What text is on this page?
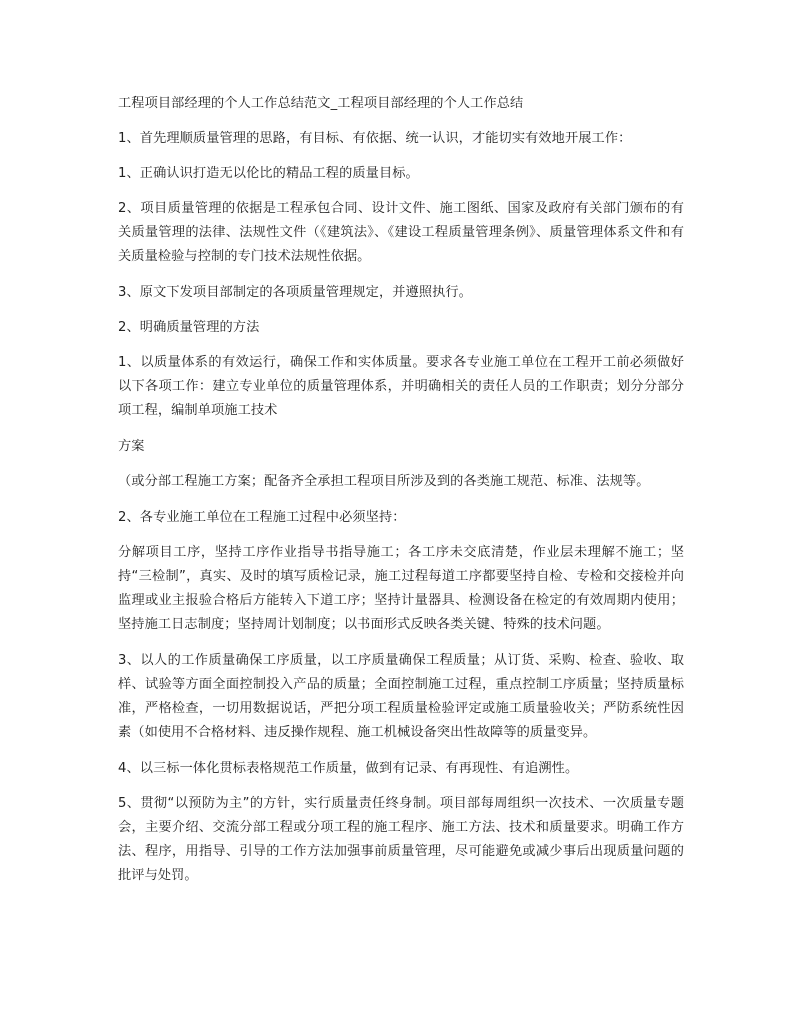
工程项目部经理的个人工作总结范文_工程项目部经理的个人工作总结

1、首先理顺质量管理的思路，有目标、有依据、统一认识，才能切实有效地开展工作：

1、正确认识打造无以伦比的精品工程的质量目标。

2、项目质量管理的依据是工程承包合同、设计文件、施工图纸、国家及政府有关部门颁布的有关质量管理的法律、法规性文件（《建筑法》、《建设工程质量管理条例》、质量管理体系文件和有关质量检验与控制的专门技术法规性依据。

3、原文下发项目部制定的各项质量管理规定，并遵照执行。

2、明确质量管理的方法

1、以质量体系的有效运行，确保工作和实体质量。要求各专业施工单位在工程开工前必须做好以下各项工作：建立专业单位的质量管理体系，并明确相关的责任人员的工作职责；划分分部分项工程，编制单项施工技术

方案

（或分部工程施工方案；配备齐全承担工程项目所涉及到的各类施工规范、标准、法规等。

2、各专业施工单位在工程施工过程中必须坚持：

分解项目工序，坚持工序作业指导书指导施工；各工序未交底清楚，作业层未理解不施工；坚持“三检制”，真实、及时的填写质检记录，施工过程每道工序都要坚持自检、专检和交接检并向监理或业主报验合格后方能转入下道工序；坚持计量器具、检测设备在检定的有效周期内使用；坚持施工日志制度；坚持周计划制度；以书面形式反映各类关键、特殊的技术问题。

3、以人的工作质量确保工序质量，以工序质量确保工程质量；从订货、采购、检查、验收、取样、试验等方面全面控制投入产品的质量；全面控制施工过程，重点控制工序质量；坚持质量标准，严格检查，一切用数据说话，严把分项工程质量检验评定或施工质量验收关；严防系统性因素（如使用不合格材料、违反操作规程、施工机械设备突出性故障等的质量变异。

4、以三标一体化贯标表格规范工作质量，做到有记录、有再现性、有追溯性。

5、贯彻“以预防为主”的方针，实行质量责任终身制。项目部每周组织一次技术、一次质量专题会，主要介绍、交流分部工程或分项工程的施工程序、施工方法、技术和质量要求。明确工作方法、程序，用指导、引导的工作方法加强事前质量管理，尽可能避免或减少事后出现质量问题的批评与处罚。
